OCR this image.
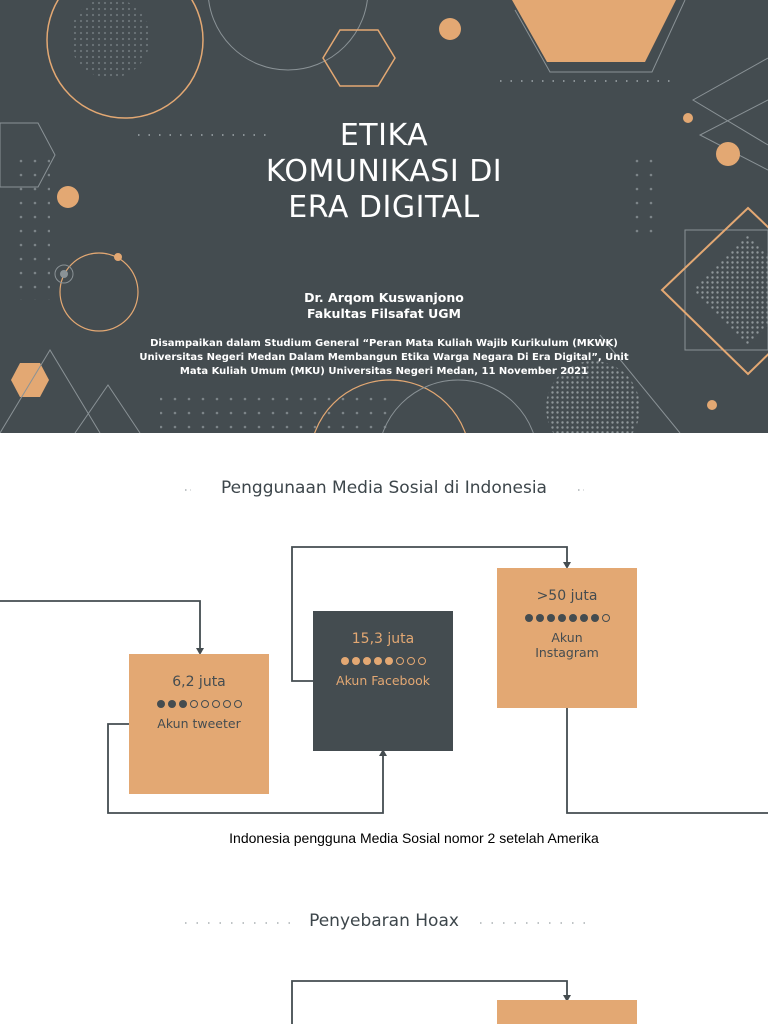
ETIKA
KOMUNIKASI DI
ERA DIGITAL
Dr. Arqom Kuswanjono
Fakultas Filsafat UGM
Disampaikan dalam Studium General “Peran Mata Kuliah Wajib Kurikulum (MKWK)
Universitas Negeri Medan Dalam Membangun Etika Warga Negara Di Era Digital”, Unit
Mata Kuliah Umum (MKU) Universitas Negeri Medan, 11 November 2021
Penggunaan Media Sosial di Indonesia
6,2 juta
Akun tweeter
15,3 juta
Akun Facebook
>50 juta
Akun Instagram
Indonesia pengguna Media Sosial nomor 2 setelah Amerika
Penyebaran Hoax
